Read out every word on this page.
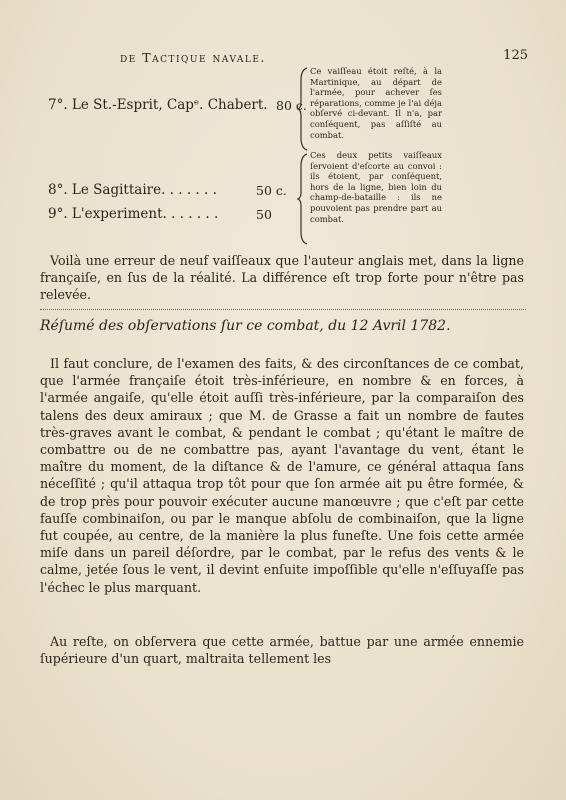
de Tactique navale.	125
7°. Le St.-Esprit, Capᵉ. Chabert. 80 c.
Ce vaiſſeau étoit reſté, à la Martinique, au départ de l'armée, pour achever ſes réparations, comme je l'ai déja obſervé ci-devant. Il n'a, par conſéquent, pas aſſiſté au combat.
8°. Le Sagittaire. . . . . . .	50 c.
Ces deux petits vaiſſeaux ſervoient d'eſcorte au convoi : ils étoient, par conſéquent, hors de la ligne, bien loin du champ-de-bataille : ils ne pouvoient pas prendre part au combat.
9°. L'experiment. . . . . . .	50
Voilà une erreur de neuf vaiſſeaux que l'auteur anglais met, dans la ligne françaiſe, en ſus de la réalité. La différence eſt trop forte pour n'être pas relevée.
Réſumé des obſervations ſur ce combat, du 12 Avril 1782.
Il faut conclure, de l'examen des faits, & des circonſtances de ce combat, que l'armée françaiſe étoit très-inférieure, en nombre & en forces, à l'armée angaiſe, qu'elle étoit auſſi très-inférieure, par la comparaiſon des talens des deux amiraux ; que M. de Grasse a fait un nombre de fautes très-graves avant le combat, & pendant le combat ; qu'étant le maître de combattre ou de ne combattre pas, ayant l'avantage du vent, étant le maître du moment, de la diſtance & de l'amure, ce général attaqua ſans néceſſité ; qu'il attaqua trop tôt pour que ſon armée ait pu être formée, & de trop près pour pouvoir exécuter aucune manœuvre ; que c'eſt par cette fauſſe combinaiſon, ou par le manque abſolu de combinaiſon, que la ligne fut coupée, au centre, de la manière la plus funeſte. Une fois cette armée miſe dans un pareil déſordre, par le combat, par le refus des vents & le calme, jetée ſous le vent, il devint enſuite impoſſible qu'elle n'eſſuyaſſe pas l'échec le plus marquant.
Au reſte, on obſervera que cette armée, battue par une armée ennemie ſupérieure d'un quart, maltraita tellement les
